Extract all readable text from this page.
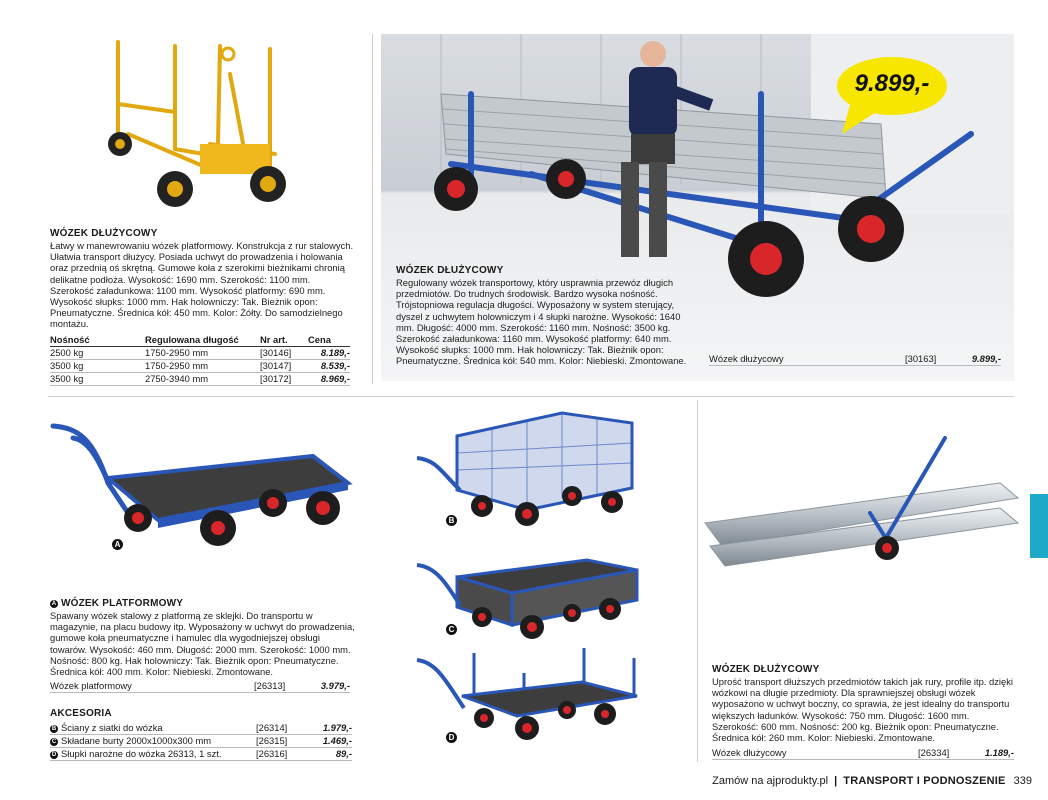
WÓZEK DŁUŻYCOWY
Łatwy w manewrowaniu wózek platformowy. Konstrukcja z rur stalowych. Ułatwia transport dłużycy. Posiada uchwyt do prowadzenia i holowania oraz przednią oś skrętną. Gumowe koła z szerokimi bieżnikami chronią delikatne podłoża. Wysokość: 1690 mm. Szerokość: 1100 mm. Szerokość załadunkowa: 1100 mm. Wysokość platformy: 690 mm. Wysokość słupks: 1000 mm. Hak holowniczy: Tak. Bieżnik opon: Pneumatyczne. Średnica kół: 450 mm. Kolor: Żółty. Do samodzielnego montażu.
Nośność	Regulowana długość	Nr art.	Cena
2500 kg	1750-2950 mm	[30146]	8.189,-
3500 kg	1750-2950 mm	[30147]	8.539,-
3500 kg	2750-3940 mm	[30172]	8.969,-
9.899,-
WÓZEK DŁUŻYCOWY
Regulowany wózek transportowy, który usprawnia przewóz długich przedmiotów. Do trudnych środowisk. Bardzo wysoka nośność. Trójstopniowa regulacja długości. Wyposażony w system sterujący, dyszel z uchwytem holowniczym i 4 słupki narożne. Wysokość: 1640 mm. Długość: 4000 mm. Szerokość: 1160 mm. Nośność: 3500 kg. Szerokość załadunkowa: 1160 mm. Wysokość platformy: 640 mm. Wysokość słupks: 1000 mm. Hak holowniczy: Tak. Bieżnik opon: Pneumatyczne. Średnica kół: 540 mm. Kolor: Niebieski. Zmontowane.	Wózek dłużycowy	[30163]	9.899,-
A
A WÓZEK PLATFORMOWY
Spawany wózek stalowy z platformą ze sklejki. Do transportu w magazynie, na placu budowy itp. Wyposażony w uchwyt do prowadzenia, gumowe koła pneumatyczne i hamulec dla wygodniejszej obsługi towarów. Wysokość: 460 mm. Długość: 2000 mm. Szerokość: 1000 mm. Nośność: 800 kg. Hak holowniczy: Tak. Bieżnik opon: Pneumatyczne. Średnica kół: 400 mm. Kolor: Niebieski. Zmontowane.
Wózek platformowy	[26313]	3.979,-
AKCESORIA
B Ściany z siatki do wózka	[26314]	1.979,-
C Składane burty 2000x1000x300 mm	[26315]	1.469,-
D Słupki narożne do wózka 26313, 1 szt.	[26316]	89,-
B
C
D
WÓZEK DŁUŻYCOWY
Uprość transport dłuższych przedmiotów takich jak rury, profile itp. dzięki wózkowi na długie przedmioty. Dla sprawniejszej obsługi wózek wyposażono w uchwyt boczny, co sprawia, że jest idealny do transportu większych ładunków. Wysokość: 750 mm. Długość: 1600 mm. Szerokość: 600 mm. Nośność: 200 kg. Bieżnik opon: Pneumatyczne. Średnica kół: 260 mm. Kolor: Niebieski. Zmontowane.
Wózek dłużycowy	[26334]	1.189,-
Zamów na ajprodukty.pl | TRANSPORT I PODNOSZENIE 339
